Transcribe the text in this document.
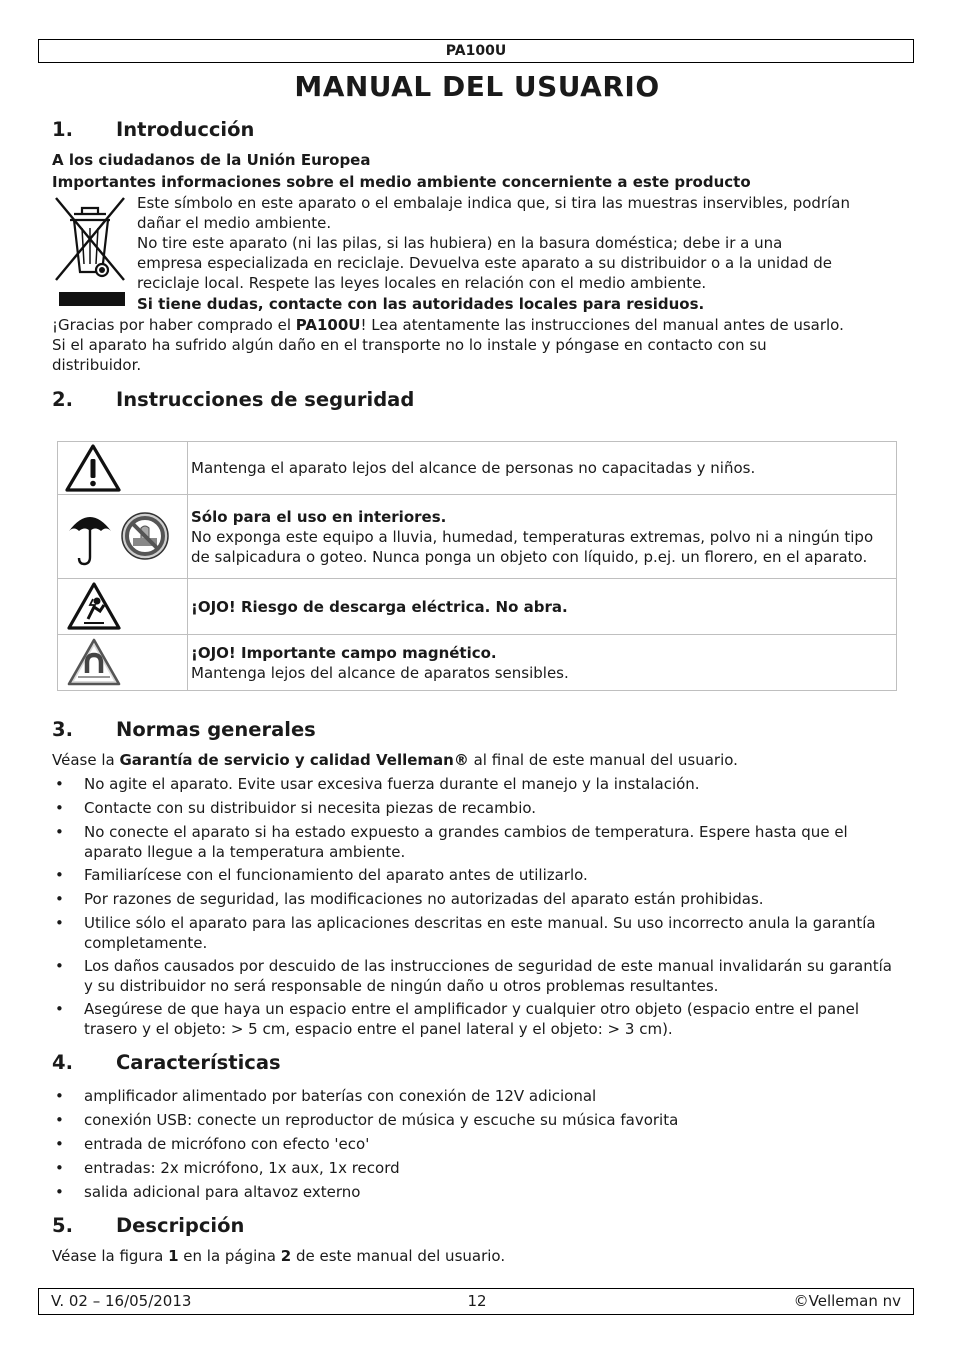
PA100U
MANUAL DEL USUARIO
1. Introducción
A los ciudadanos de la Unión Europea
Importantes informaciones sobre el medio ambiente concerniente a este producto
Este símbolo en este aparato o el embalaje indica que, si tira las muestras inservibles, podrían
dañar el medio ambiente.
No tire este aparato (ni las pilas, si las hubiera) en la basura doméstica; debe ir a una
empresa especializada en reciclaje. Devuelva este aparato a su distribuidor o a la unidad de
reciclaje local. Respete las leyes locales en relación con el medio ambiente.
Si tiene dudas, contacte con las autoridades locales para residuos.
¡Gracias por haber comprado el PA100U! Lea atentamente las instrucciones del manual antes de usarlo.
Si el aparato ha sufrido algún daño en el transporte no lo instale y póngase en contacto con su
distribuidor.
2. Instrucciones de seguridad

Mantenga el aparato lejos del alcance de personas no capacitadas y niños.

Sólo para el uso en interiores.
No exponga este equipo a lluvia, humedad, temperaturas extremas, polvo ni a ningún tipo de salpicadura o goteo. Nunca ponga un objeto con líquido, p.ej. un florero, en el aparato.

¡OJO! Riesgo de descarga eléctrica. No abra.

¡OJO! Importante campo magnético.
Mantenga lejos del alcance de aparatos sensibles.
3. Normas generales
Véase la Garantía de servicio y calidad Velleman® al final de este manual del usuario.
• No agite el aparato. Evite usar excesiva fuerza durante el manejo y la instalación.
• Contacte con su distribuidor si necesita piezas de recambio.
• No conecte el aparato si ha estado expuesto a grandes cambios de temperatura. Espere hasta que el aparato llegue a la temperatura ambiente.
• Familiarícese con el funcionamiento del aparato antes de utilizarlo.
• Por razones de seguridad, las modificaciones no autorizadas del aparato están prohibidas.
• Utilice sólo el aparato para las aplicaciones descritas en este manual. Su uso incorrecto anula la garantía completamente.
• Los daños causados por descuido de las instrucciones de seguridad de este manual invalidarán su garantía y su distribuidor no será responsable de ningún daño u otros problemas resultantes.
• Asegúrese de que haya un espacio entre el amplificador y cualquier otro objeto (espacio entre el panel trasero y el objeto: > 5 cm, espacio entre el panel lateral y el objeto: > 3 cm).
4. Características
• amplificador alimentado por baterías con conexión de 12V adicional
• conexión USB: conecte un reproductor de música y escuche su música favorita
• entrada de micrófono con efecto 'eco'
• entradas: 2x micrófono, 1x aux, 1x record
• salida adicional para altavoz externo
5. Descripción
Véase la figura 1 en la página 2 de este manual del usuario.
V. 02 – 16/05/2013	12	©Velleman nv
